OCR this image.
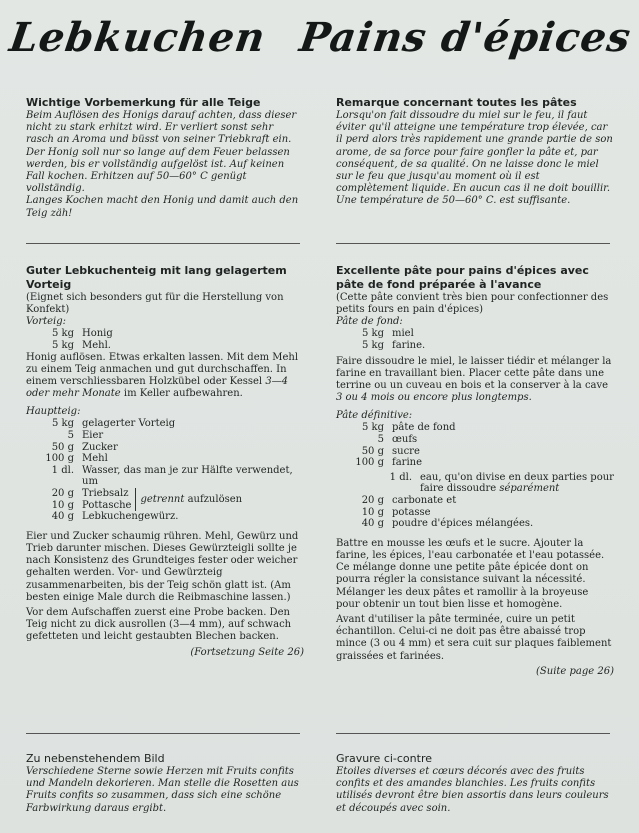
Lebkuchen Pains d'épices

Wichtige Vorbemerkung für alle Teige

Beim Auflösen des Honigs darauf achten, dass dieser nicht zu stark erhitzt wird. Er verliert sonst sehr rasch an Aroma und büsst von seiner Triebkraft ein. Der Honig soll nur so lange auf dem Feuer belassen werden, bis er vollständig aufgelöst ist. Auf keinen Fall kochen. Erhitzen auf 50—60° C genügt vollständig.

Langes Kochen macht den Honig und damit auch den Teig zäh!

Guter Lebkuchenteig mit lang gelagertem Vorteig

(Eignet sich besonders gut für die Herstellung von Konfekt)

Vorteig:

5 kg Honig
5 kg Mehl.

Honig auflösen. Etwas erkalten lassen. Mit dem Mehl zu einem Teig anmachen und gut durchschaffen. In einem verschliessbaren Holzkübel oder Kessel 3—4 oder mehr Monate im Keller aufbewahren.

Hauptteig:

5 kg gelagerter Vorteig
5 Eier
50 g Zucker
100 g Mehl
1 dl. Wasser, das man je zur Hälfte verwendet, um
20 g Triebsalz
10 g Pottasche
getrennt aufzulösen
40 g Lebkuchengewürz.

Eier und Zucker schaumig rühren. Mehl, Gewürz und Trieb darunter mischen. Dieses Gewürzteigli sollte je nach Konsistenz des Grundteiges fester oder weicher gehalten werden. Vor- und Gewürzteig zusammenarbeiten, bis der Teig schön glatt ist. (Am besten einige Male durch die Reibmaschine lassen.)

Vor dem Aufschaffen zuerst eine Probe backen. Den Teig nicht zu dick ausrollen (3—4 mm), auf schwach gefetteten und leicht gestaubten Blechen backen.

(Fortsetzung Seite 26)

Zu nebenstehendem Bild

Verschiedene Sterne sowie Herzen mit Fruits confits und Mandeln dekorieren. Man stelle die Rosetten aus Fruits confits so zusammen, dass sich eine schöne Farbwirkung daraus ergibt.

Remarque concernant toutes les pâtes

Lorsqu'on fait dissoudre du miel sur le feu, il faut éviter qu'il atteigne une température trop élevée, car il perd alors très rapidement une grande partie de son arome, de sa force pour faire gonfler la pâte et, par conséquent, de sa qualité. On ne laisse donc le miel sur le feu que jusqu'au moment où il est complètement liquide. En aucun cas il ne doit bouillir. Une température de 50—60° C. est suffisante.

Excellente pâte pour pains d'épices avec pâte de fond préparée à l'avance

(Cette pâte convient très bien pour confectionner des petits fours en pain d'épices)

Pâte de fond:

5 kg miel
5 kg farine.

Faire dissoudre le miel, le laisser tiédir et mélanger la farine en travaillant bien. Placer cette pâte dans une terrine ou un cuveau en bois et la conserver à la cave 3 ou 4 mois ou encore plus longtemps.

Pâte définitive:

5 kg pâte de fond
5 œufs
50 g sucre
100 g farine
1 dl. eau, qu'on divise en deux parties pour faire dissoudre séparément
20 g carbonate et
10 g potasse
40 g poudre d'épices mélangées.

Battre en mousse les œufs et le sucre. Ajouter la farine, les épices, l'eau carbonatée et l'eau potassée. Ce mélange donne une petite pâte épicée dont on pourra régler la consistance suivant la nécessité. Mélanger les deux pâtes et ramollir à la broyeuse pour obtenir un tout bien lisse et homogène.

Avant d'utiliser la pâte terminée, cuire un petit échantillon. Celui-ci ne doit pas être abaissé trop mince (3 ou 4 mm) et sera cuit sur plaques faiblement graissées et farinées.

(Suite page 26)

Gravure ci-contre

Etoiles diverses et cœurs décorés avec des fruits confits et des amandes blanchies. Les fruits confits utilisés devront être bien assortis dans leurs couleurs et découpés avec soin.
